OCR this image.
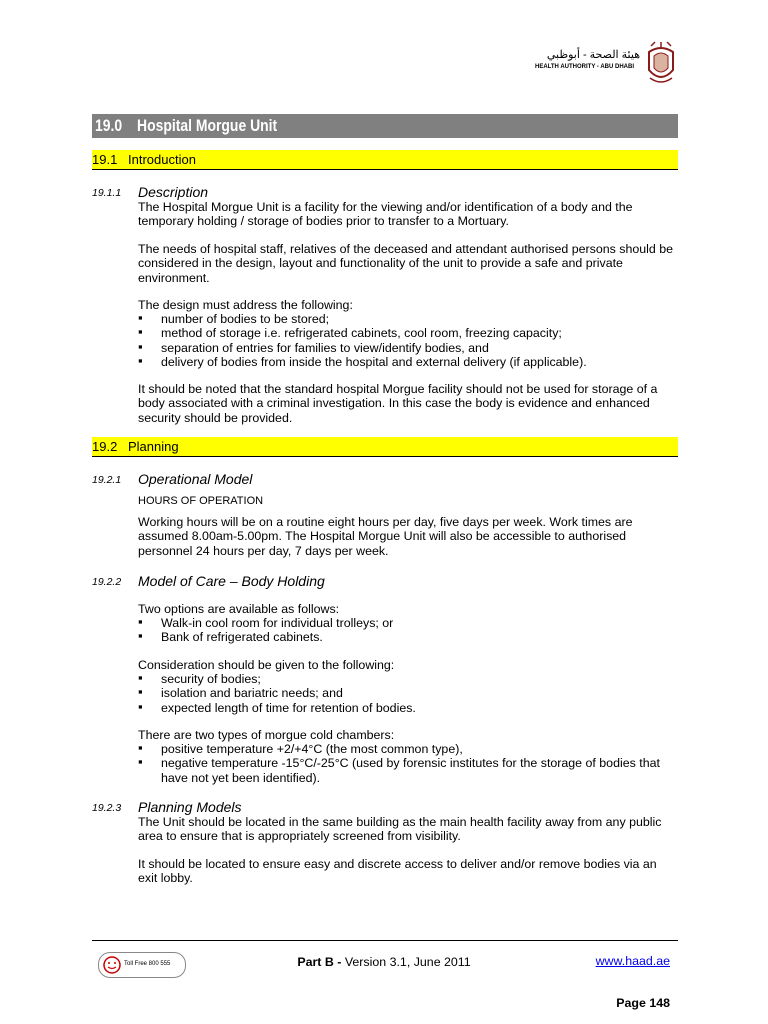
هيئة الصحة - أبوظبي
HEALTH AUTHORITY - ABU DHABI
19.0 Hospital Morgue Unit
19.1 Introduction
19.1.1 Description
The Hospital Morgue Unit is a facility for the viewing and/or identification of a body and the temporary holding / storage of bodies prior to transfer to a Mortuary.
The needs of hospital staff, relatives of the deceased and attendant authorised persons should be considered in the design, layout and functionality of the unit to provide a safe and private environment.
The design must address the following:
▪ number of bodies to be stored;
▪ method of storage i.e. refrigerated cabinets, cool room, freezing capacity;
▪ separation of entries for families to view/identify bodies, and
▪ delivery of bodies from inside the hospital and external delivery (if applicable).
It should be noted that the standard hospital Morgue facility should not be used for storage of a body associated with a criminal investigation. In this case the body is evidence and enhanced security should be provided.
19.2 Planning
19.2.1 Operational Model
HOURS OF OPERATION
Working hours will be on a routine eight hours per day, five days per week. Work times are assumed 8.00am-5.00pm. The Hospital Morgue Unit will also be accessible to authorised personnel 24 hours per day, 7 days per week.
19.2.2 Model of Care – Body Holding
Two options are available as follows:
▪ Walk-in cool room for individual trolleys; or
▪ Bank of refrigerated cabinets.
Consideration should be given to the following:
▪ security of bodies;
▪ isolation and bariatric needs; and
▪ expected length of time for retention of bodies.
There are two types of morgue cold chambers:
▪ positive temperature +2/+4°C (the most common type),
▪ negative temperature -15°C/-25°C (used by forensic institutes for the storage of bodies that have not yet been identified).
19.2.3 Planning Models
The Unit should be located in the same building as the main health facility away from any public area to ensure that is appropriately screened from visibility.
It should be located to ensure easy and discrete access to deliver and/or remove bodies via an exit lobby.
Toll Free 800 555	Part B - Version 3.1, June 2011	www.haad.ae
Page 148
